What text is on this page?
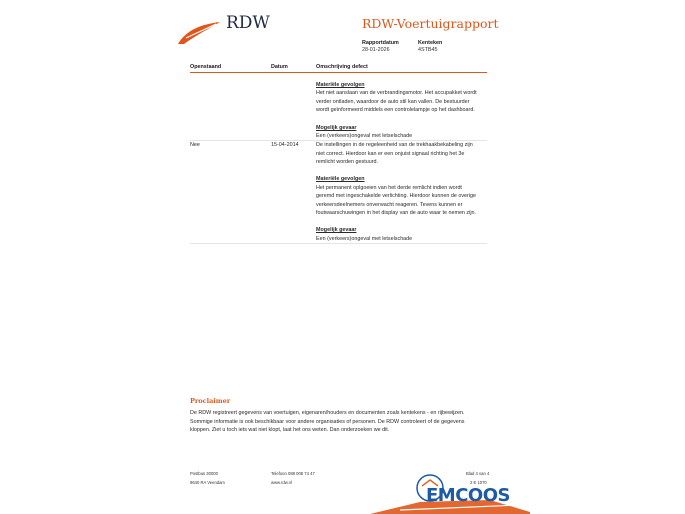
RDW	RDW-Voertuigrapport
Rapportdatum
28-01-2026
Kenteken
4STB45
Openstaand	Datum	Omschrijving defect
Materiële gevolgen
Het niet aanslaan van de verbrandingsmotor. Het accupakket wordt
verder ontladen, waardoor de auto stil kan vallen. De bestuurder
wordt geïnformeerd middels een controlelampje op het dashboard.
Mogelijk gevaar
Een (verkeers)ongeval met letselschade
Nee	15-04-2014	De instellingen in de regeleenheid van de trekhaakbekabeling zijn
niet correct. Hierdoor kan er een onjuist signaal richting het 3e
remlicht worden gestuurd.
Materiële gevolgen
Het permanent oplgoeien van het derde remlicht indien wordt
geremd met ingeschakelde verlichting. Hierdoor kunnen de overige
verkeersdeelnemers onverwacht reageren. Tevens kunnen er
foutwaarschuwingen in het display van de auto waar te nemen zijn.
Mogelijk gevaar
Een (verkeers)ongeval met letselschade
Proclaimer
De RDW registreert gegevens van voertuigen, eigenaren/houders en documenten zoals kentekens - en rijbewijzen.
Sommige informatie is ook beschikbaar voor andere organisaties of personen. De RDW controleert of de gegevens
kloppen. Ziet u toch iets wat niet klopt, laat het ons weten. Dan onderzoeken we dit.
Postbus 30000
9640 RA Veendam
Telefoon 088 008 74 47
www.rdw.nl
Blad 4 van 4
2 E 1070
EMCOOS
